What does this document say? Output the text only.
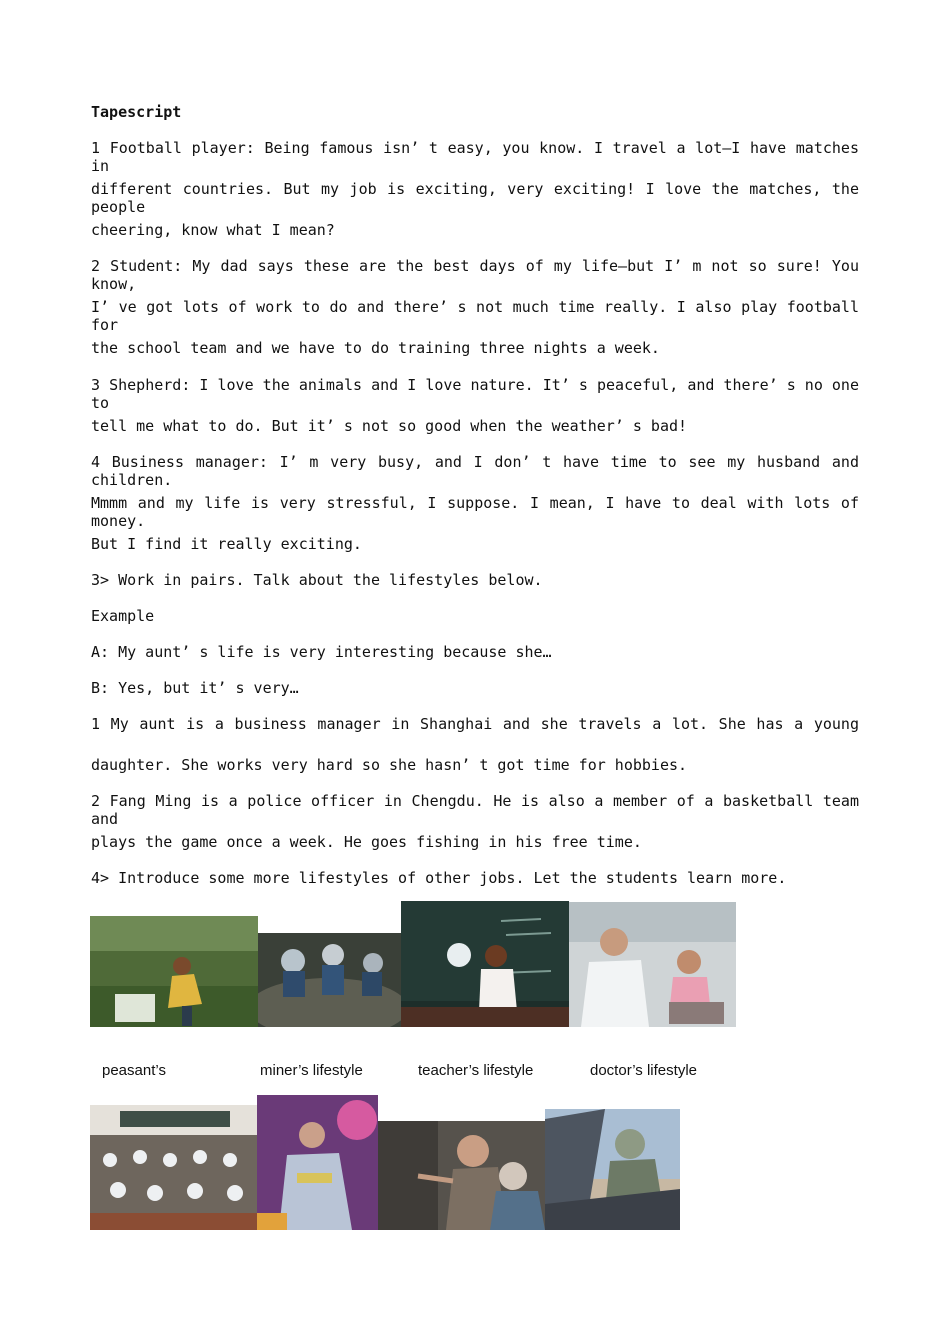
Tapescript
1 Football player: Being famous isn’ t easy, you know. I travel a lot—I have matches in
different countries. But my job is exciting, very exciting! I love the matches, the people
cheering, know what I mean?
2 Student: My dad says these are the best days of my life—but I’ m not so sure! You know,
I’ ve got lots of work to do and there’ s not much time really. I also play football for
the school team and we have to do training three nights a week.
3 Shepherd: I love the animals and I love nature. It’ s peaceful, and there’ s no one to
tell me what to do. But it’ s not so good when the weather’ s bad!
4 Business manager: I’ m very busy, and I don’ t have time to see my husband and children.
Mmmm and my life is very stressful, I suppose. I mean, I have to deal with lots of money.
But I find it really exciting.
3> Work in pairs. Talk about the lifestyles below.
Example
A: My aunt’ s life is very interesting because she…
B: Yes, but it’ s very…
1 My aunt is a business manager in Shanghai and she travels a lot. She has a young
daughter. She works very hard so she hasn’ t got time for hobbies.
2 Fang Ming is a police officer in Chengdu. He is also a member of a basketball team and
plays the game once a week. He goes fishing in his free time.
4> Introduce some more lifestyles of other jobs. Let the students learn more.
peasant’s	miner’s lifestyle	teacher’s lifestyle	doctor’s lifestyle
